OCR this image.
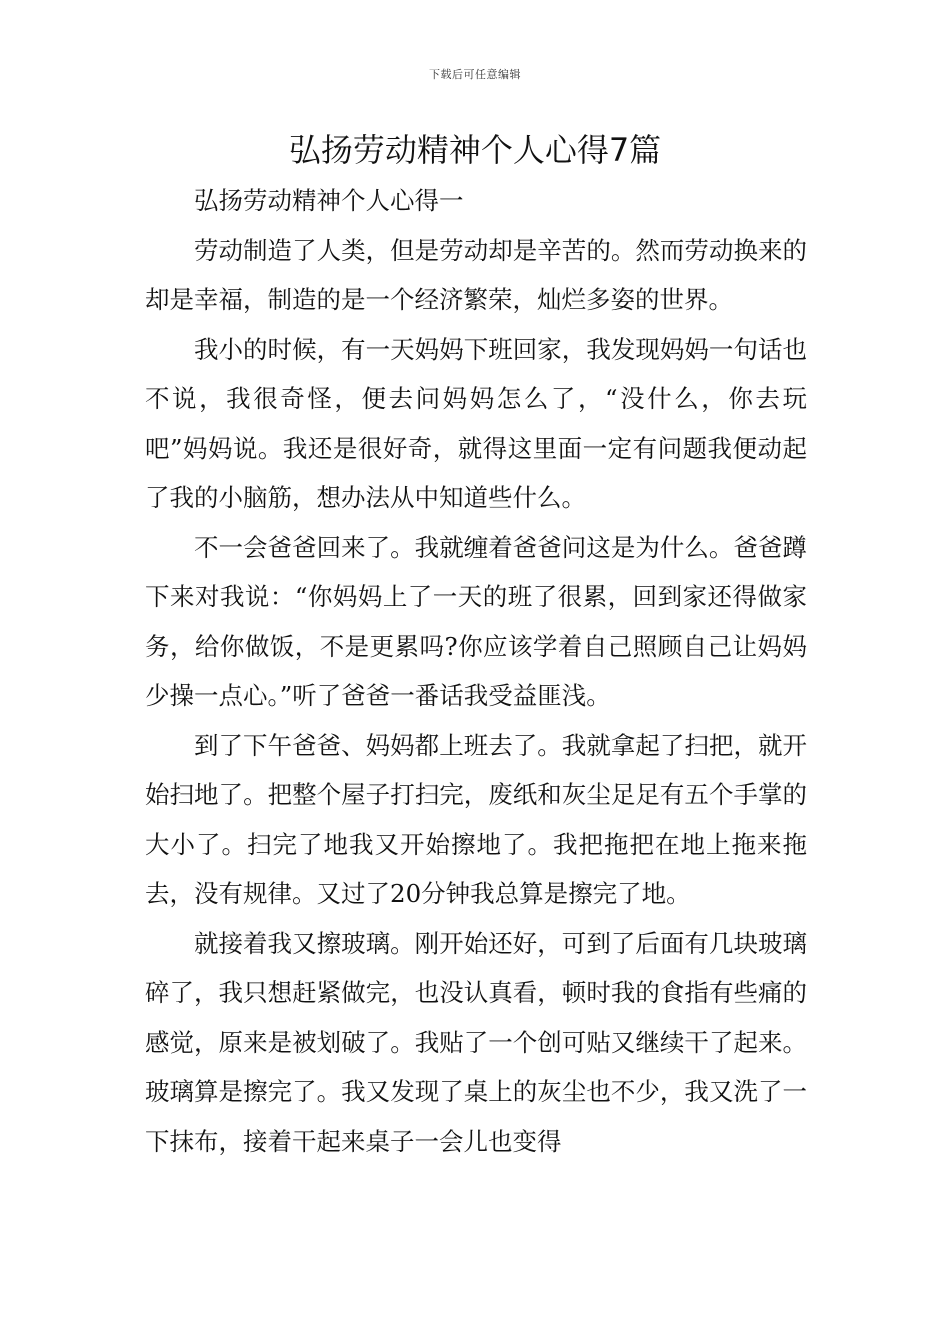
下载后可任意编辑
弘扬劳动精神个人心得7篇

弘扬劳动精神个人心得一

劳动制造了人类，但是劳动却是辛苦的。然而劳动换来的却是幸福，制造的是一个经济繁荣，灿烂多姿的世界。

我小的时候，有一天妈妈下班回家，我发现妈妈一句话也不说，我很奇怪，便去问妈妈怎么了，“没什么，你去玩吧”妈妈说。我还是很好奇，就得这里面一定有问题我便动起了我的小脑筋，想办法从中知道些什么。

不一会爸爸回来了。我就缠着爸爸问这是为什么。爸爸蹲下来对我说：“你妈妈上了一天的班了很累，回到家还得做家务，给你做饭，不是更累吗?你应该学着自己照顾自己让妈妈少操一点心。”听了爸爸一番话我受益匪浅。

到了下午爸爸、妈妈都上班去了。我就拿起了扫把，就开始扫地了。把整个屋子打扫完，废纸和灰尘足足有五个手掌的大小了。扫完了地我又开始擦地了。我把拖把在地上拖来拖去，没有规律。又过了20分钟我总算是擦完了地。

就接着我又擦玻璃。刚开始还好，可到了后面有几块玻璃碎了，我只想赶紧做完，也没认真看，顿时我的食指有些痛的感觉，原来是被划破了。我贴了一个创可贴又继续干了起来。玻璃算是擦完了。我又发现了桌上的灰尘也不少，我又洗了一下抹布，接着干起来桌子一会儿也变得
